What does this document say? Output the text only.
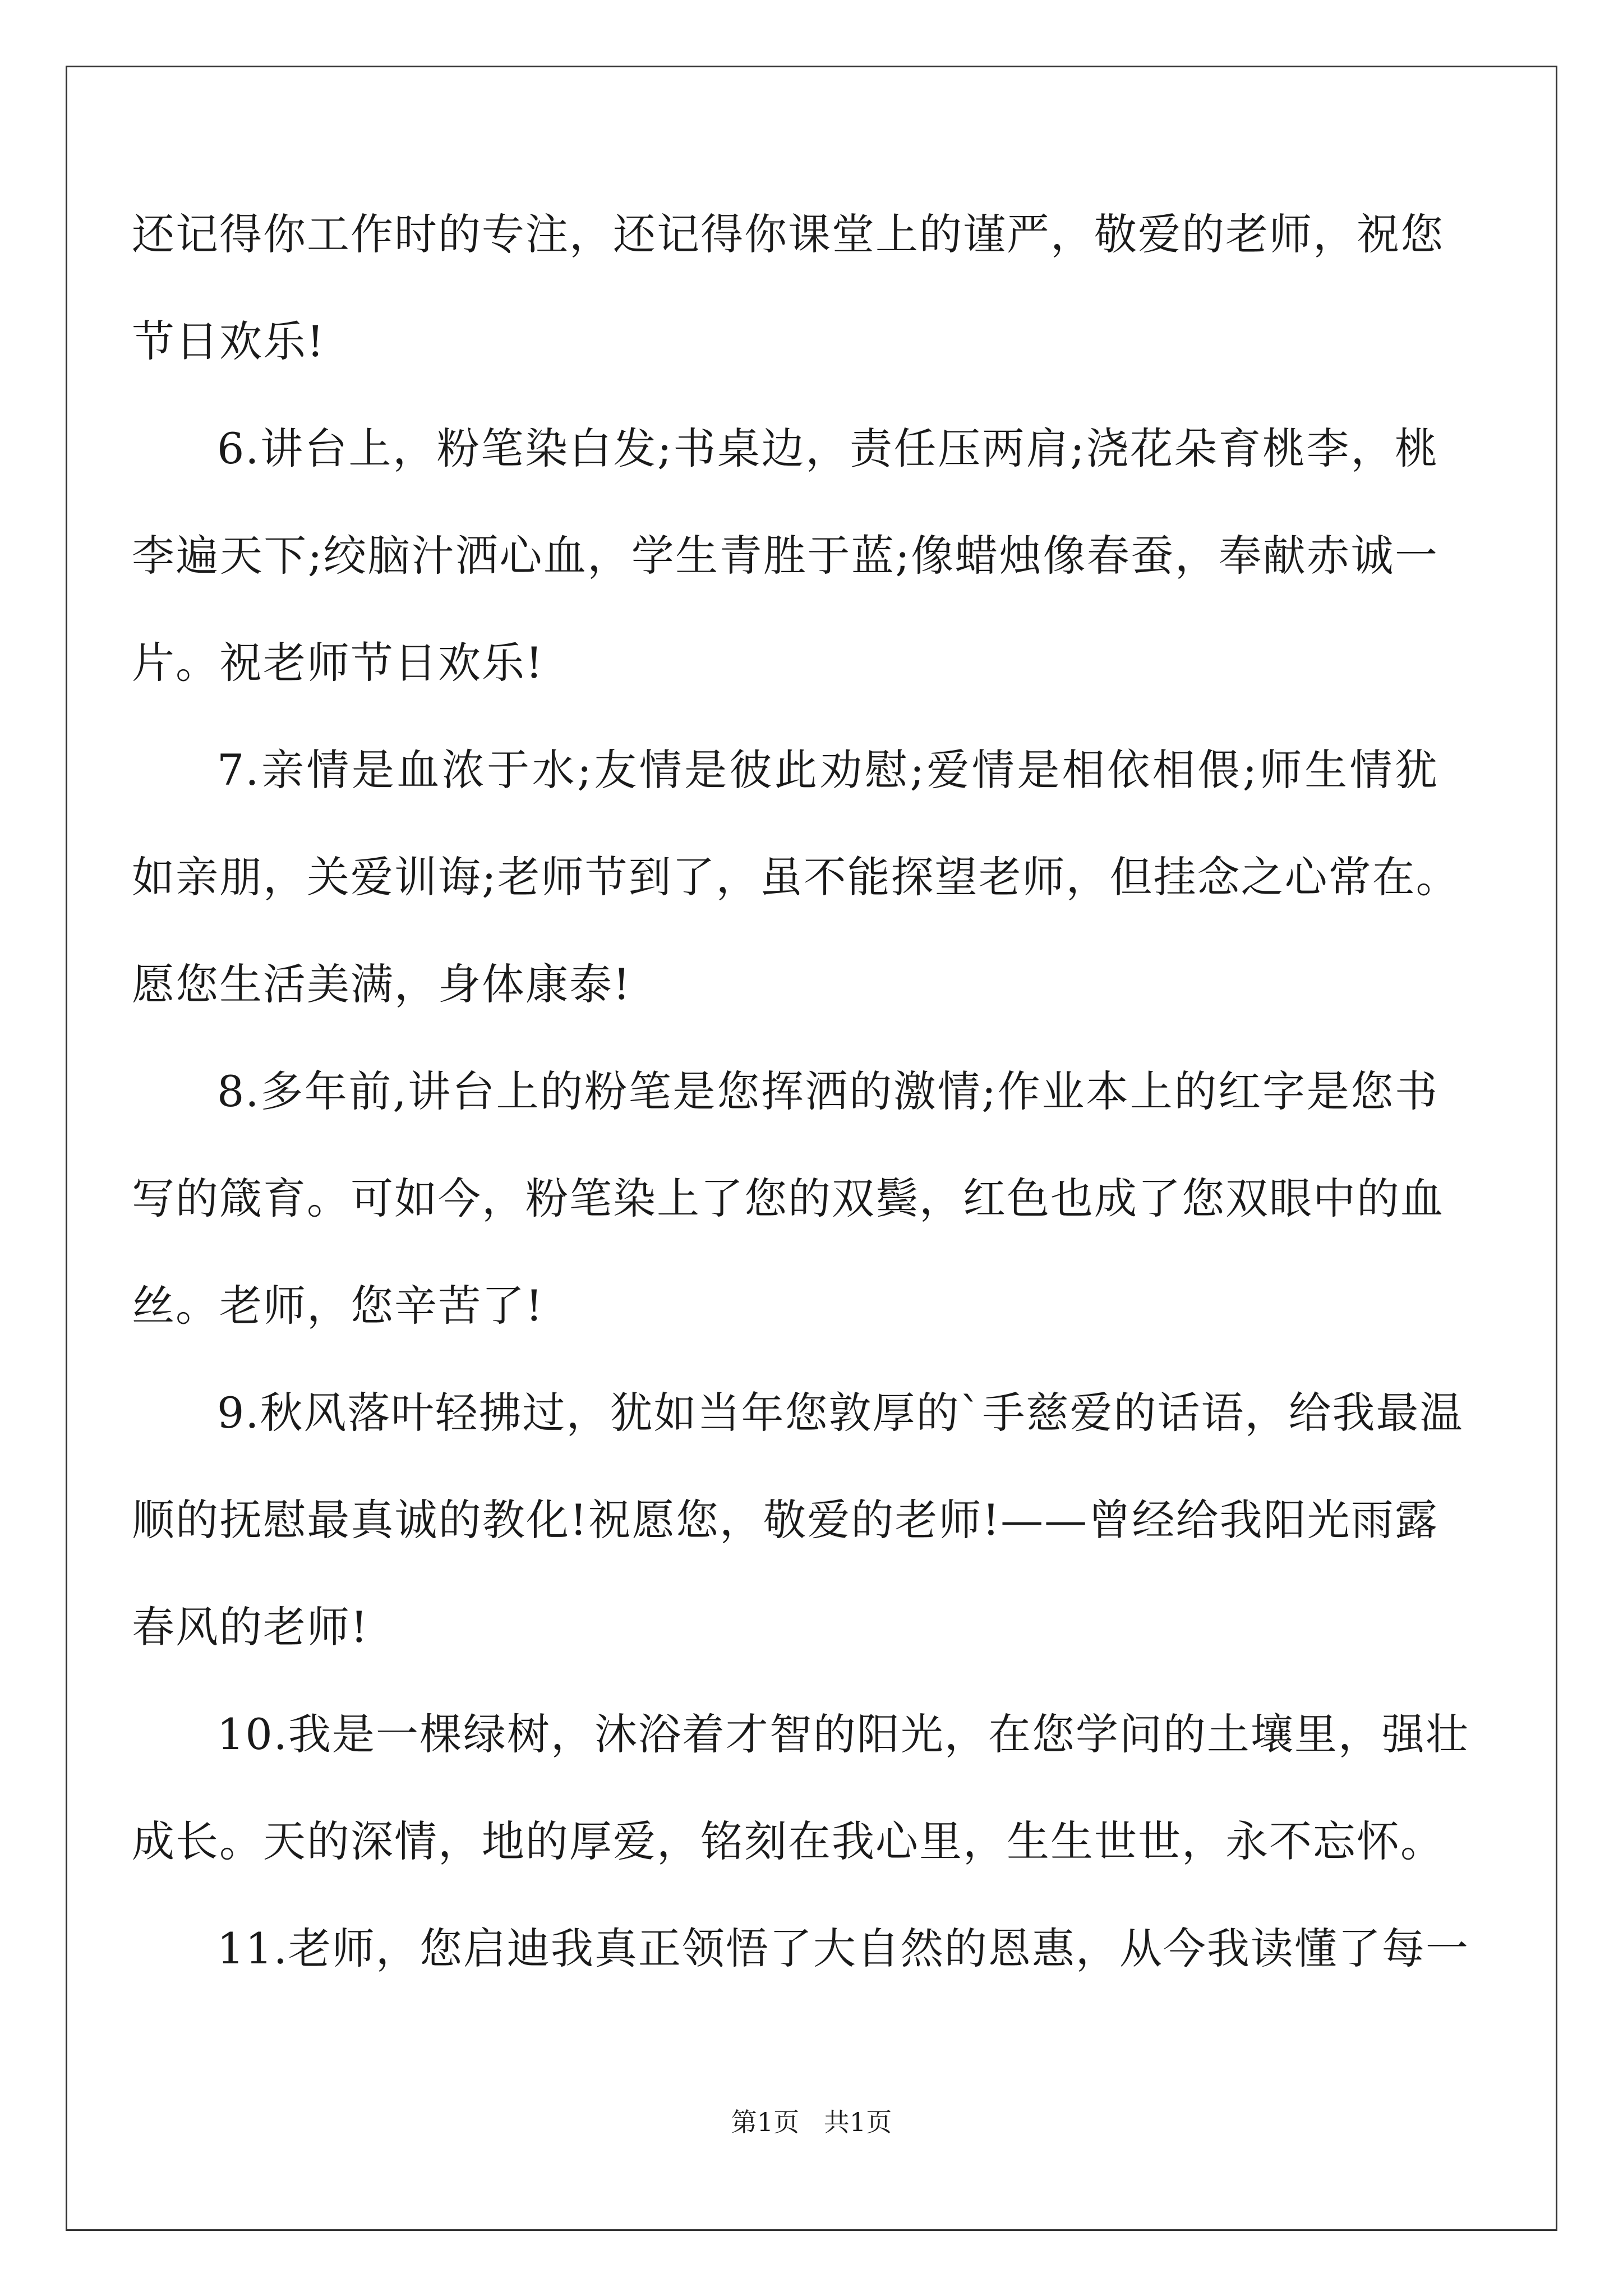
还记得你工作时的专注，还记得你课堂上的谨严，敬爱的老师，祝您
节日欢乐!
6.讲台上，粉笔染白发;书桌边，责任压两肩;浇花朵育桃李，桃
李遍天下;绞脑汁洒心血，学生青胜于蓝;像蜡烛像春蚕，奉献赤诚一
片。祝老师节日欢乐!
7.亲情是血浓于水;友情是彼此劝慰;爱情是相依相偎;师生情犹
如亲朋，关爱训诲;老师节到了，虽不能探望老师，但挂念之心常在。
愿您生活美满，身体康泰!
8.多年前,讲台上的粉笔是您挥洒的激情;作业本上的红字是您书
写的箴育。可如今，粉笔染上了您的双鬓，红色也成了您双眼中的血
丝。老师，您辛苦了!
9.秋风落叶轻拂过，犹如当年您敦厚的`手慈爱的话语，给我最温
顺的抚慰最真诚的教化!祝愿您，敬爱的老师!——曾经给我阳光雨露
春风的老师!
10.我是一棵绿树，沐浴着才智的阳光，在您学问的土壤里，强壮
成长。天的深情，地的厚爱，铭刻在我心里，生生世世，永不忘怀。
11.老师，您启迪我真正领悟了大自然的恩惠，从今我读懂了每一
第1页   共1页
